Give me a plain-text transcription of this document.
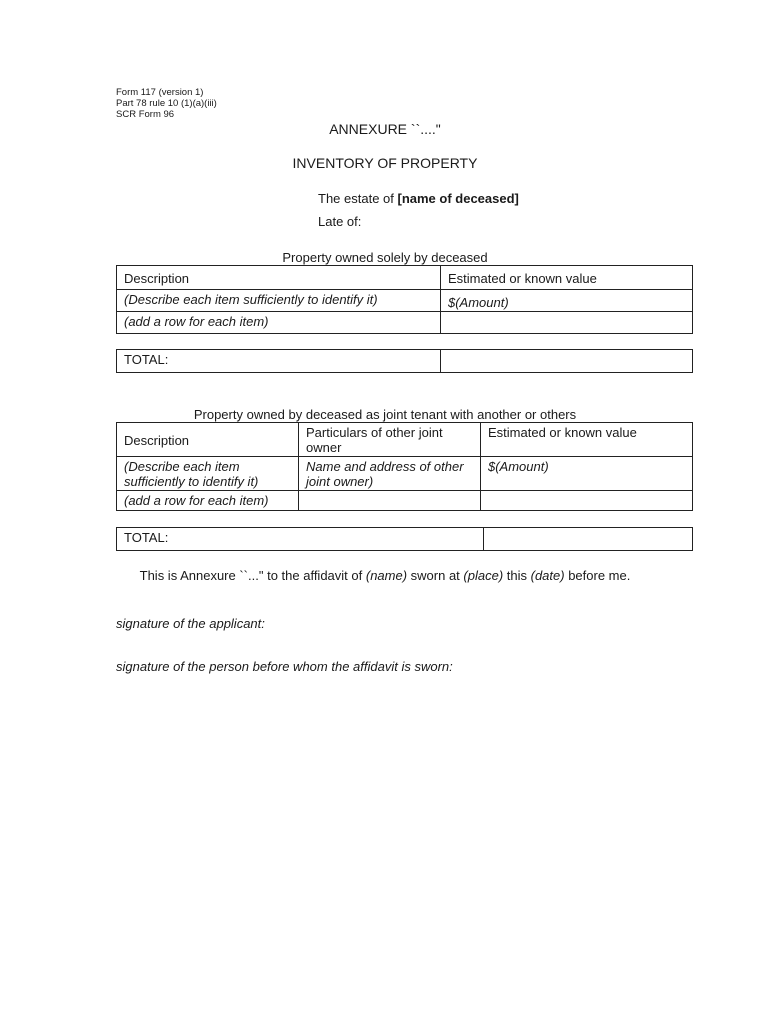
Form 117 (version 1)
Part 78 rule 10 (1)(a)(iii)
SCR Form 96
ANNEXURE ``...."
INVENTORY OF PROPERTY
The estate of [name of deceased]
Late of:
Property owned solely by deceased
Description	Estimated or known value
(Describe each item sufficiently to identify it)	$(Amount)
(add a row for each item)	
TOTAL:	
Property owned by deceased as joint tenant with another or others
Description	Particulars of other joint owner	Estimated or known value
(Describe each item sufficiently to identify it)	Name and address of other joint owner)	$(Amount)
(add a row for each item)		
TOTAL:	
This is Annexure ``..." to the affidavit of (name) sworn at (place) this (date) before me.
signature of the applicant:
signature of the person before whom the affidavit is sworn:
